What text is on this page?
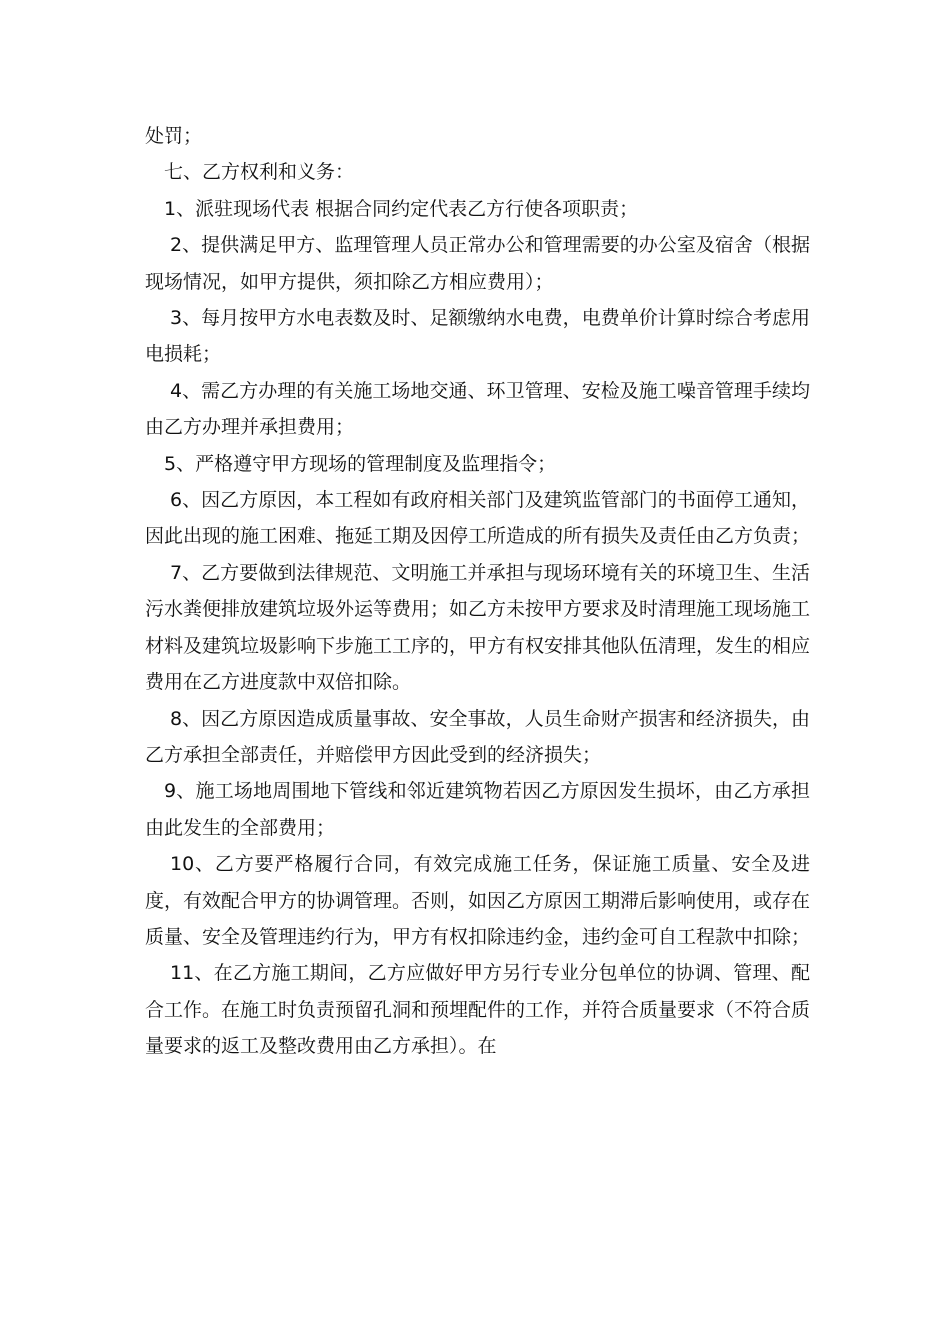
处罚；

七、乙方权利和义务：

1、派驻现场代表 根据合同约定代表乙方行使各项职责；

2、提供满足甲方、监理管理人员正常办公和管理需要的办公室及宿舍（根据现场情况，如甲方提供，须扣除乙方相应费用）；

3、每月按甲方水电表数及时、足额缴纳水电费，电费单价计算时综合考虑用电损耗；

4、需乙方办理的有关施工场地交通、环卫管理、安检及施工噪音管理手续均由乙方办理并承担费用；

5、严格遵守甲方现场的管理制度及监理指令；

6、因乙方原因，本工程如有政府相关部门及建筑监管部门的书面停工通知，因此出现的施工困难、拖延工期及因停工所造成的所有损失及责任由乙方负责；

7、乙方要做到法律规范、文明施工并承担与现场环境有关的环境卫生、生活污水粪便排放建筑垃圾外运等费用；如乙方未按甲方要求及时清理施工现场施工材料及建筑垃圾影响下步施工工序的，甲方有权安排其他队伍清理，发生的相应费用在乙方进度款中双倍扣除。

8、因乙方原因造成质量事故、安全事故，人员生命财产损害和经济损失，由乙方承担全部责任，并赔偿甲方因此受到的经济损失；

9、施工场地周围地下管线和邻近建筑物若因乙方原因发生损坏，由乙方承担由此发生的全部费用；

10、乙方要严格履行合同，有效完成施工任务，保证施工质量、安全及进度，有效配合甲方的协调管理。否则，如因乙方原因工期滞后影响使用，或存在质量、安全及管理违约行为，甲方有权扣除违约金，违约金可自工程款中扣除；

11、在乙方施工期间，乙方应做好甲方另行专业分包单位的协调、管理、配合工作。在施工时负责预留孔洞和预埋配件的工作，并符合质量要求（不符合质量要求的返工及整改费用由乙方承担）。在
